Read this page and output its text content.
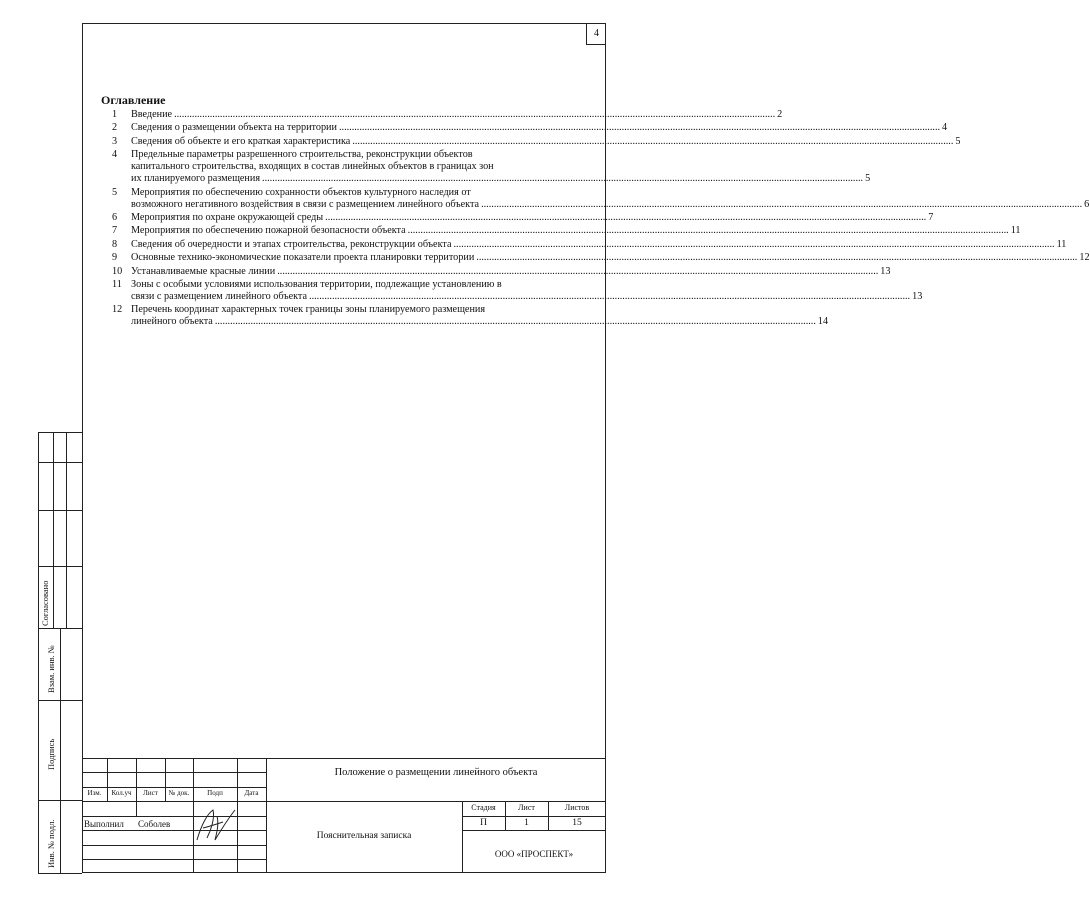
4
Оглавление
1	Введение .....	2
2	Сведения о размещении объекта на территории .....	4
3	Сведения об объекте и его краткая характеристика .....	5
4	Предельные параметры разрешенного строительства, реконструкции объектов
капитального строительства, входящих в состав линейных объектов в границах зон
их планируемого размещения .....	5
5	Мероприятия по обеспечению сохранности объектов культурного наследия от
возможного негативного воздействия в связи с размещением линейного объекта .....	6
6	Мероприятия по охране окружающей среды .....	7
7	Мероприятия по обеспечению пожарной безопасности объекта .....	11
8	Сведения об очередности и этапах строительства, реконструкции объекта .....	11
9	Основные технико-экономические показатели проекта планировки территории .....	12
10 Устанавливаемые красные линии .....	13
11 Зоны с особыми условиями использования территории, подлежащие установлению в
связи с размещением линейного объекта .....	13
12 Перечень координат характерных точек границы зоны планируемого размещения
линейного объекта .....	14
Согласовано
Взам. инв. №
Подпись
Инв. № подл.
Изм.	Кол.уч	Лист	№ док.	Подп	Дата
Выполнил Соболев
Положение о размещении линейного объекта
Пояснительная записка
Стадия	Лист	Листов
П	1	15
ООО «ПРОСПЕКТ»
